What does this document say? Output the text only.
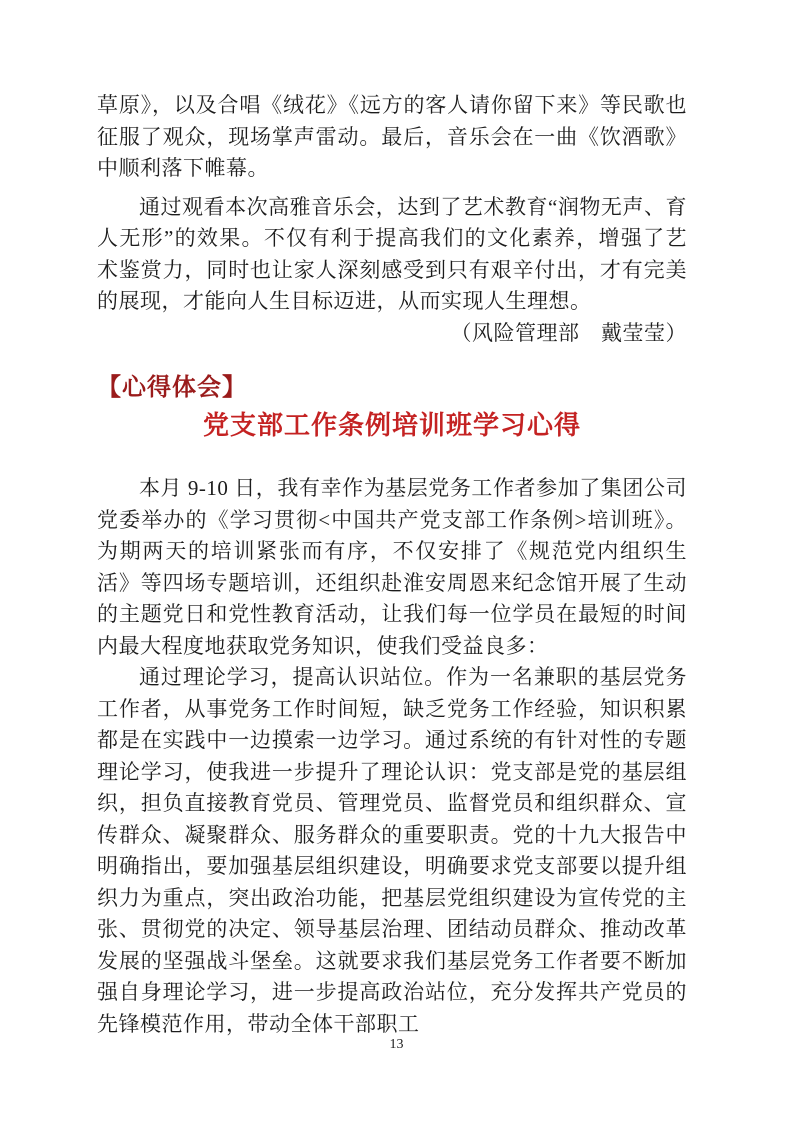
草原》，以及合唱《绒花》《远方的客人请你留下来》等民歌也征服了观众，现场掌声雷动。最后，音乐会在一曲《饮酒歌》中顺利落下帷幕。

通过观看本次高雅音乐会，达到了艺术教育“润物无声、育人无形”的效果。不仅有利于提高我们的文化素养，增强了艺术鉴赏力，同时也让家人深刻感受到只有艰辛付出，才有完美的展现，才能向人生目标迈进，从而实现人生理想。

（风险管理部　戴莹莹）

【心得体会】

党支部工作条例培训班学习心得

本月 9-10 日，我有幸作为基层党务工作者参加了集团公司党委举办的《学习贯彻<中国共产党支部工作条例>培训班》。为期两天的培训紧张而有序，不仅安排了《规范党内组织生活》等四场专题培训，还组织赴淮安周恩来纪念馆开展了生动的主题党日和党性教育活动，让我们每一位学员在最短的时间内最大程度地获取党务知识，使我们受益良多：

通过理论学习，提高认识站位。作为一名兼职的基层党务工作者，从事党务工作时间短，缺乏党务工作经验，知识积累都是在实践中一边摸索一边学习。通过系统的有针对性的专题理论学习，使我进一步提升了理论认识：党支部是党的基层组织，担负直接教育党员、管理党员、监督党员和组织群众、宣传群众、凝聚群众、服务群众的重要职责。党的十九大报告中明确指出，要加强基层组织建设，明确要求党支部要以提升组织力为重点，突出政治功能，把基层党组织建设为宣传党的主张、贯彻党的决定、领导基层治理、团结动员群众、推动改革发展的坚强战斗堡垒。这就要求我们基层党务工作者要不断加强自身理论学习，进一步提高政治站位，充分发挥共产党员的先锋模范作用，带动全体干部职工

13
